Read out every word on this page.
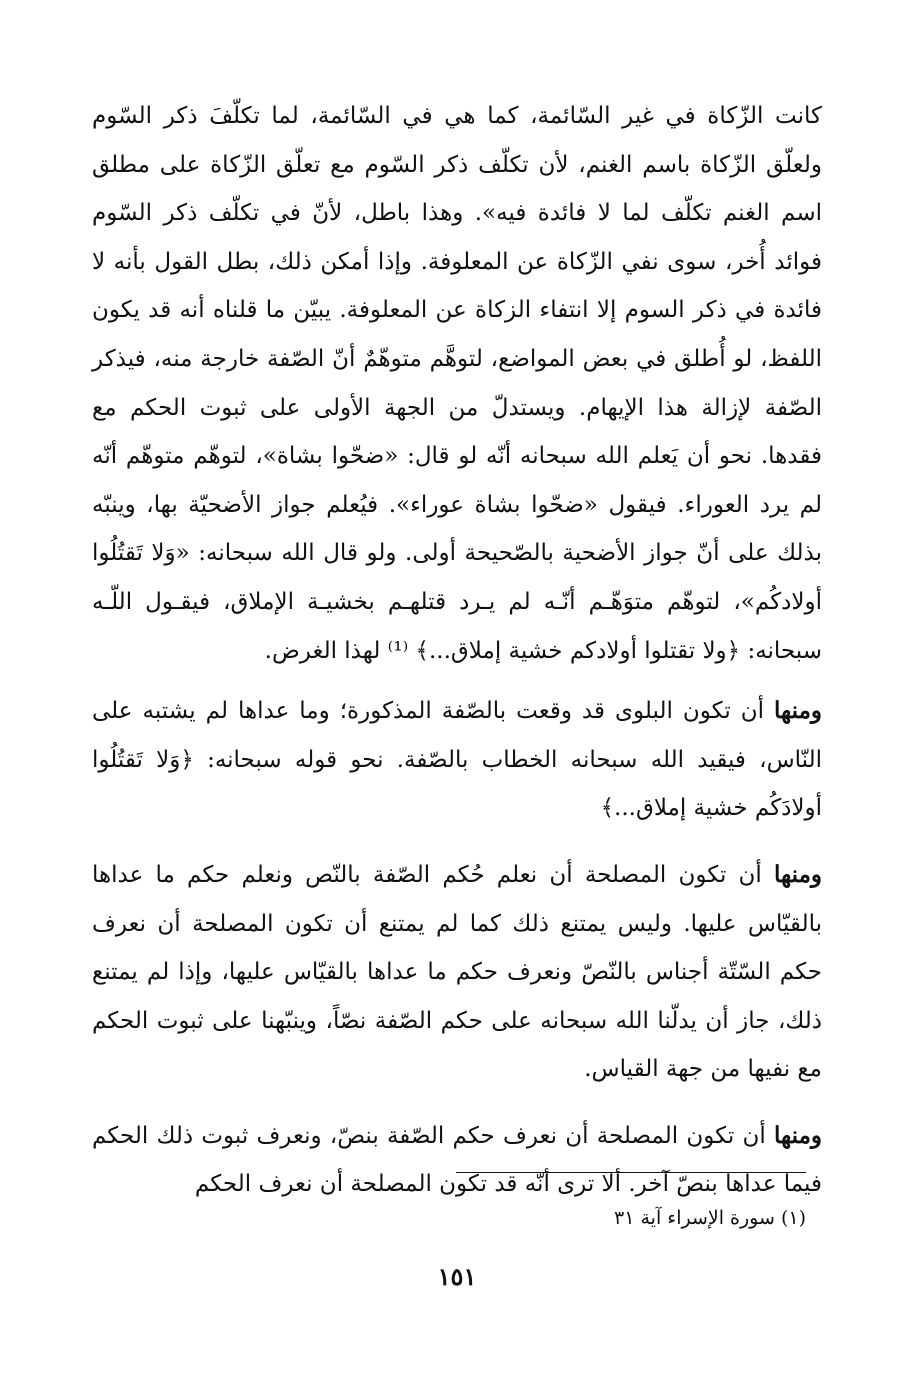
كانت الزّكاة في غير السّائمة، كما هي في السّائمة، لما تكلّفَ ذكر السّوم ولعلّق الزّكاة باسم الغنم، لأن تكلّف ذكر السّوم مع تعلّق الزّكاة على مطلق اسم الغنم تكلّف لما لا فائدة فيه». وهذا باطل، لأنّ في تكلّف ذكر السّوم فوائد أُخر، سوى نفي الزّكاة عن المعلوفة. وإذا أمكن ذلك، بطل القول بأنه لا فائدة في ذكر السوم إلا انتفاء الزكاة عن المعلوفة. يبيّن ما قلناه أنه قد يكون اللفظ، لو أُطلق في بعض المواضع، لتوهَّم متوهّمٌ أنّ الصّفة خارجة منه، فيذكر الصّفة لإزالة هذا الإيهام. ويستدلّ من الجهة الأولى على ثبوت الحكم مع فقدها. نحو أن يَعلم الله سبحانه أنّه لو قال: «ضحّوا بشاة»، لتوهّم متوهّم أنّه لم يرد العوراء. فيقول «ضحّوا بشاة عوراء». فيُعلم جواز الأضحيّة بها، وينبّه بذلك على أنّ جواز الأضحية بالصّحيحة أولى. ولو قال الله سبحانه: «وَلا تَقتُلُوا أولادكُم»، لتوهّم متوَهّـم أنّـه لم يـرد قتلهـم بخشيـة الإملاق، فيقـول اللّـه سبحانه: ﴿ولا تقتلوا أولادكم خشية إملاق...﴾ ⁽¹⁾ لهذا الغرض.

ومنها أن تكون البلوى قد وقعت بالصّفة المذكورة؛ وما عداها لم يشتبه على النّاس، فيقيد الله سبحانه الخطاب بالصّفة. نحو قوله سبحانه: ﴿وَلا تَقتُلُوا أولادَكُم خشية إملاق...﴾

ومنها أن تكون المصلحة أن نعلم حُكم الصّفة بالنّص ونعلم حكم ما عداها بالقيّاس عليها. وليس يمتنع ذلك كما لم يمتنع أن تكون المصلحة أن نعرف حكم السّتّة أجناس بالنّصّ ونعرف حكم ما عداها بالقيّاس عليها، وإذا لم يمتنع ذلك، جاز أن يدلّنا الله سبحانه على حكم الصّفة نصّاً، وينبّهنا على ثبوت الحكم مع نفيها من جهة القياس.

ومنها أن تكون المصلحة أن نعرف حكم الصّفة بنصّ، ونعرف ثبوت ذلك الحكم فيما عداها بنصّ آخر. ألا ترى أنّه قد تكون المصلحة أن نعرف الحكم

(١) سورة الإسراء آية ٣١
١٥١
